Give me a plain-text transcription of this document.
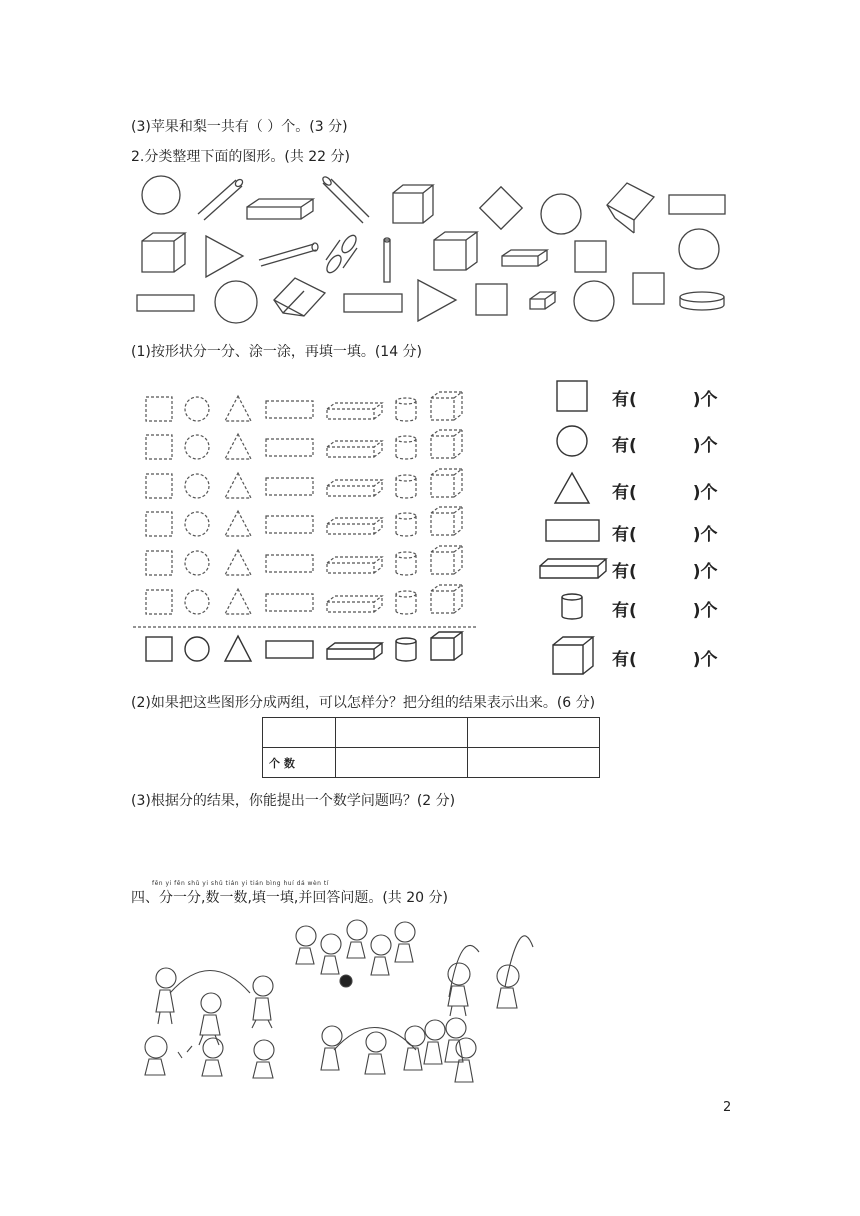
(3)苹果和梨一共有（ ）个。(3 分)
2.分类整理下面的图形。(共 22 分)
(1)按形状分一分、涂一涂，再填一填。(14 分)
有(	)个
有(	)个
有(	)个
有(	)个
有(	)个
有(	)个
有(	)个
(2)如果把这些图形分成两组，可以怎样分？把分组的结果表示出来。(6 分)

个 数		
(3)根据分的结果，你能提出一个数学问题吗？(2 分)
fēn yi fēn shǔ yi shǔ tián yi tián bìng huí dá wèn tí
四、分一分,数一数,填一填,并回答问题。(共 20 分)
2
